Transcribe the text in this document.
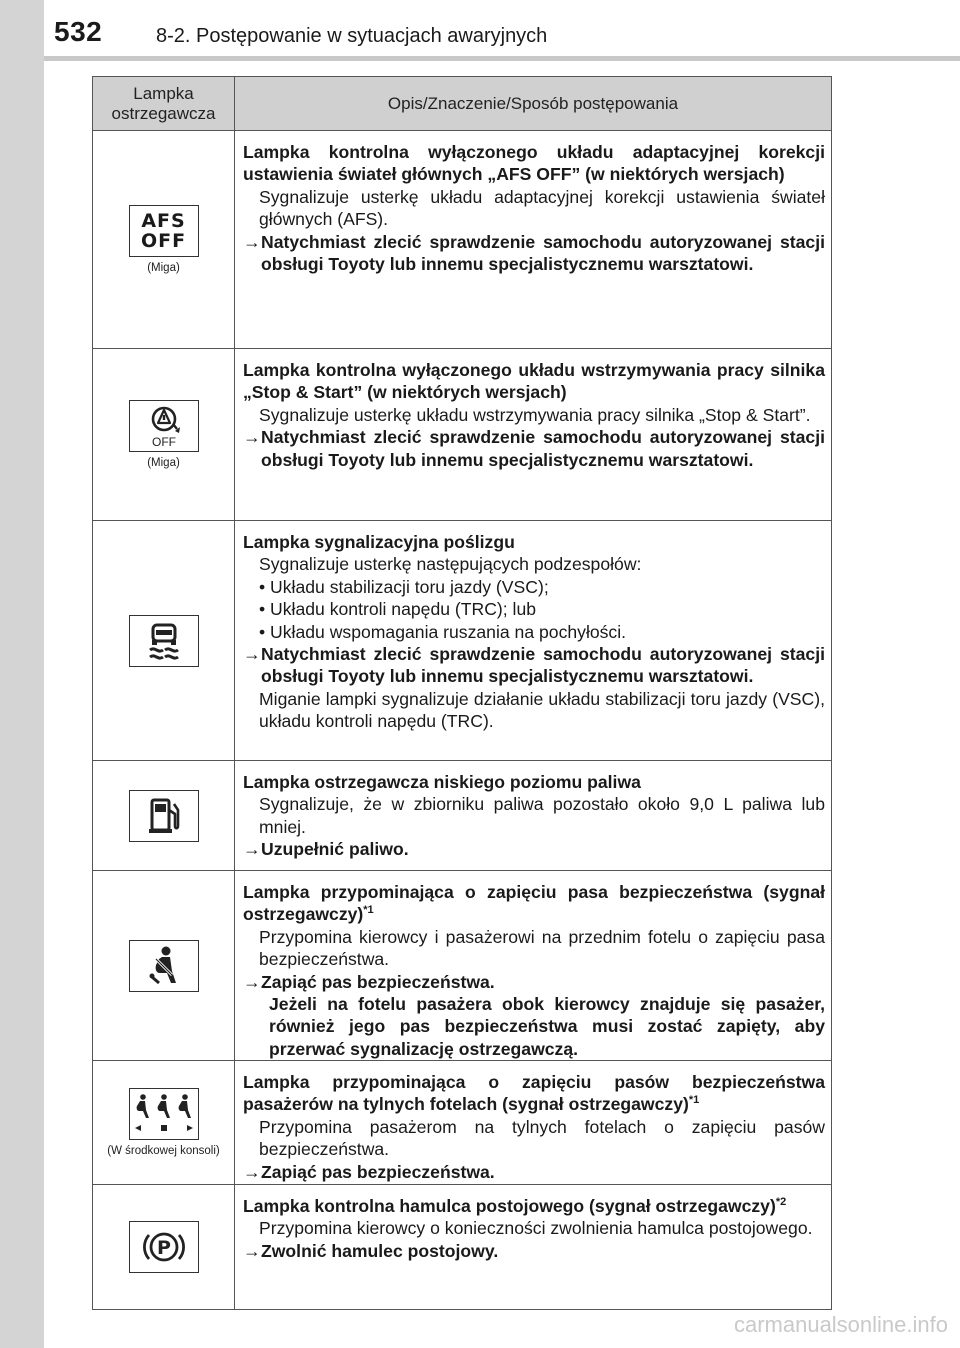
532	8-2. Postępowanie w sytuacjach awaryjnych
Lampka
ostrzegawcza
Opis/Znaczenie/Sposób postępowania
AFS
OFF
(Miga)
Lampka kontrolna wyłączonego układu adaptacyjnej korekcji ustawienia świateł głównych „AFS OFF” (w niektórych wersjach)
Sygnalizuje usterkę układu adaptacyjnej korekcji ustawienia świateł głównych (AFS).
→ Natychmiast zlecić sprawdzenie samochodu autoryzowanej stacji obsługi Toyoty lub innemu specjalistycznemu warsztatowi.
OFF
(Miga)
Lampka kontrolna wyłączonego układu wstrzymywania pracy silnika „Stop & Start” (w niektórych wersjach)
Sygnalizuje usterkę układu wstrzymywania pracy silnika „Stop & Start”.
→ Natychmiast zlecić sprawdzenie samochodu autoryzowanej stacji obsługi Toyoty lub innemu specjalistycznemu warsztatowi.
Lampka sygnalizacyjna poślizgu
Sygnalizuje usterkę następujących podzespołów:
• Układu stabilizacji toru jazdy (VSC);
• Układu kontroli napędu (TRC); lub
• Układu wspomagania ruszania na pochyłości.
→ Natychmiast zlecić sprawdzenie samochodu autoryzowanej stacji obsługi Toyoty lub innemu specjalistycznemu warsztatowi.
Miganie lampki sygnalizuje działanie układu stabilizacji toru jazdy (VSC), układu kontroli napędu (TRC).
Lampka ostrzegawcza niskiego poziomu paliwa
Sygnalizuje, że w zbiorniku paliwa pozostało około 9,0 L paliwa lub mniej.
→ Uzupełnić paliwo.
Lampka przypominająca o zapięciu pasa bezpieczeństwa (sygnał ostrzegawczy)$^{*1}$
Przypomina kierowcy i pasażerowi na przednim fotelu o zapięciu pasa bezpieczeństwa.
→ Zapiąć pas bezpieczeństwa.
Jeżeli na fotelu pasażera obok kierowcy znajduje się pasażer, również jego pas bezpieczeństwa musi zostać zapięty, aby przerwać sygnalizację ostrzegawczą.
(W środkowej konsoli)
Lampka przypominająca o zapięciu pasów bezpieczeństwa pasażerów na tylnych fotelach (sygnał ostrzegawczy)$^{*1}$
Przypomina pasażerom na tylnych fotelach o zapięciu pasów bezpieczeństwa.
→ Zapiąć pas bezpieczeństwa.
P
Lampka kontrolna hamulca postojowego (sygnał ostrzegawczy)$^{*2}$
Przypomina kierowcy o konieczności zwolnienia hamulca postojowego.
→ Zwolnić hamulec postojowy.
carmanualsonline.info
